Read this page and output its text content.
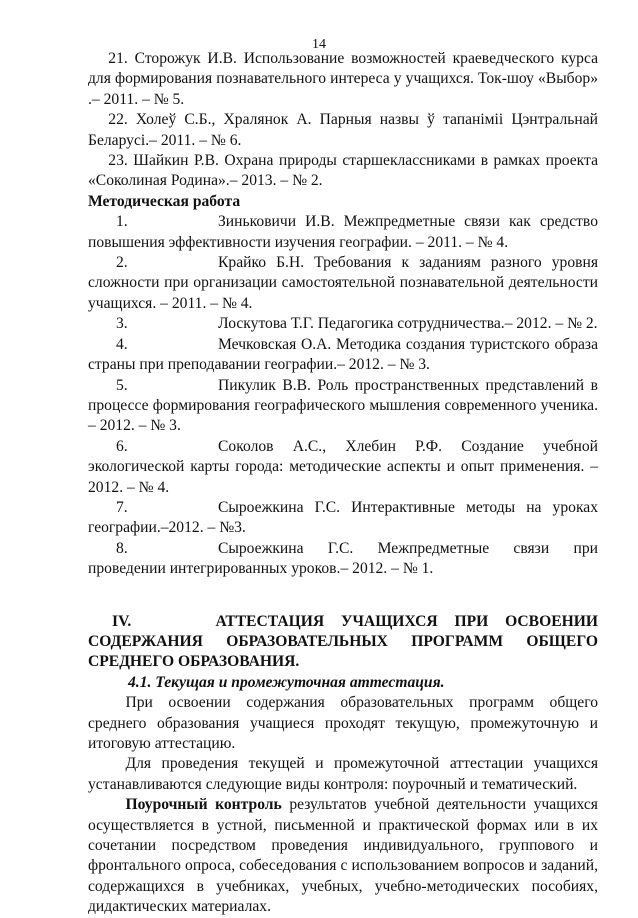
14

21. Сторожук И.В. Использование возможностей краеведческого курса для формирования познавательного интереса у учащихся. Ток-шоу «Выбор» .– 2011. – № 5.

22. Холеў С.Б., Хралянок А. Парныя назвы ў тапаніміі Цэнтральнай Беларусі.– 2011. – № 6.

23. Шайкин Р.В. Охрана природы старшеклассниками в рамках проекта «Соколиная Родина».– 2013. – № 2.

Методическая работа

1.	Зиньковичи И.В. Межпредметные связи как средство повышения эффективности изучения географии. – 2011. – № 4.

2.	Крайко Б.Н. Требования к заданиям разного уровня сложности при организации самостоятельной познавательной деятельности учащихся. – 2011. – № 4.

3.	Лоскутова Т.Г. Педагогика сотрудничества.– 2012. – № 2.

4.	Мечковская О.А. Методика создания туристского образа страны при преподавании географии.– 2012. – № 3.

5.	Пикулик В.В. Роль пространственных представлений в процессе формирования географического мышления современного ученика. – 2012. – № 3.

6.	Соколов А.С., Хлебин Р.Ф. Создание учебной экологической карты города: методические аспекты и опыт применения. –2012. – № 4.

7.	Сыроежкина Г.С. Интерактивные методы на уроках географии.–2012. – №3.

8.	Сыроежкина Г.С. Межпредметные связи при проведении интегрированных уроков.– 2012. – № 1.

IV.	АТТЕСТАЦИЯ УЧАЩИХСЯ ПРИ ОСВОЕНИИ СОДЕРЖАНИЯ ОБРАЗОВАТЕЛЬНЫХ ПРОГРАММ ОБЩЕГО СРЕДНЕГО ОБРАЗОВАНИЯ.

4.1. Текущая и промежуточная аттестация.

При освоении содержания образовательных программ общего среднего образования учащиеся проходят текущую, промежуточную и итоговую аттестацию.

Для проведения текущей и промежуточной аттестации учащихся устанавливаются следующие виды контроля: поурочный и тематический.

Поурочный контроль результатов учебной деятельности учащихся осуществляется в устной, письменной и практической формах или в их сочетании посредством проведения индивидуального, группового и фронтального опроса, собеседования с использованием вопросов и заданий, содержащихся в учебниках, учебных, учебно-методических пособиях, дидактических материалах.
